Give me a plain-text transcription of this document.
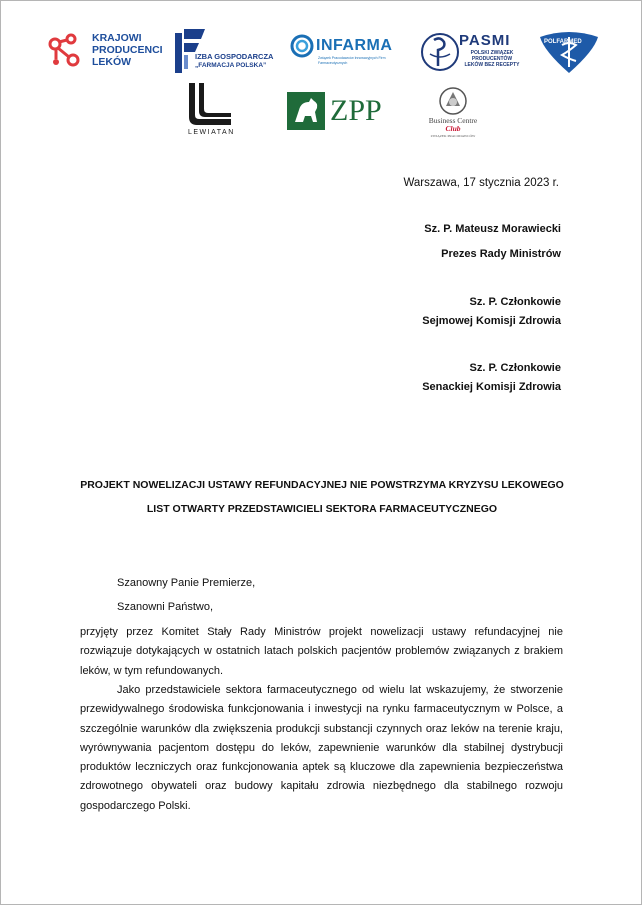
KRAJOWI
PRODUCENCI
LEKÓW	IZBA GOSPODARCZA
„FARMACJA POLSKA”
INFARMA
Związek Pracodawców Innowacyjnych Firm Farmaceutycznych
PASMI
POLSKI ZWIĄZEK
PRODUCENTÓW
LEKÓW BEZ RECEPTY
POLFARMED
LEWIATAN
ZPP	Business Centre
Club
ZWIĄZEK PRACODAWCÓW
Warszawa, 17 stycznia 2023 r.
Sz. P. Mateusz Morawiecki
Prezes Rady Ministrów
Sz. P. Członkowie
Sejmowej Komisji Zdrowia
Sz. P. Członkowie
Senackiej Komisji Zdrowia
PROJEKT NOWELIZACJI USTAWY REFUNDACYJNEJ NIE POWSTRZYMA KRYZYSU LEKOWEGO
LIST OTWARTY PRZEDSTAWICIELI SEKTORA FARMACEUTYCZNEGO
Szanowny Panie Premierze,
Szanowni Państwo,
przyjęty przez Komitet Stały Rady Ministrów projekt nowelizacji ustawy refundacyjnej nie rozwiązuje dotykających w ostatnich latach polskich pacjentów problemów związanych z brakiem leków, w tym refundowanych.
Jako przedstawiciele sektora farmaceutycznego od wielu lat wskazujemy, że stworzenie przewidywalnego środowiska funkcjonowania i inwestycji na rynku farmaceutycznym w Polsce, a szczególnie warunków dla zwiększenia produkcji substancji czynnych oraz leków na terenie kraju, wyrównywania pacjentom dostępu do leków, zapewnienie warunków dla stabilnej dystrybucji produktów leczniczych oraz funkcjonowania aptek są kluczowe dla zapewnienia bezpieczeństwa zdrowotnego obywateli oraz budowy kapitału zdrowia niezbędnego dla stabilnego rozwoju gospodarczego Polski.
